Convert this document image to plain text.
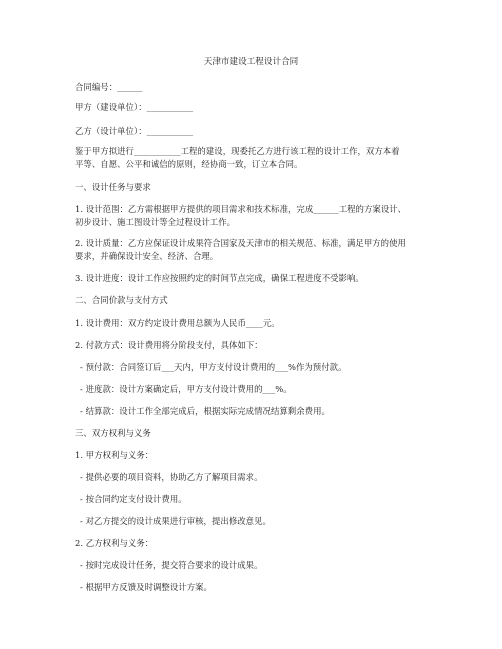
天津市建设工程设计合同
合同编号：______
甲方（建设单位）：___________
乙方（设计单位）：___________
鉴于甲方拟进行___________工程的建设，现委托乙方进行该工程的设计工作，双方本着
平等、自愿、公平和诚信的原则，经协商一致，订立本合同。
一、设计任务与要求
1. 设计范围：乙方需根据甲方提供的项目需求和技术标准，完成______工程的方案设计、
初步设计、施工图设计等全过程设计工作。
2. 设计质量：乙方应保证设计成果符合国家及天津市的相关规范、标准，满足甲方的使用
要求，并确保设计安全、经济、合理。
3. 设计进度：设计工作应按照约定的时间节点完成，确保工程进度不受影响。
二、合同价款与支付方式
1. 设计费用：双方约定设计费用总额为人民币____元。
2. 付款方式：设计费用将分阶段支付，具体如下：
- 预付款：合同签订后___天内，甲方支付设计费用的___%作为预付款。
- 进度款：设计方案确定后，甲方支付设计费用的___%。
- 结算款：设计工作全部完成后，根据实际完成情况结算剩余费用。
三、双方权利与义务
1. 甲方权利与义务：
- 提供必要的项目资料，协助乙方了解项目需求。
- 按合同约定支付设计费用。
- 对乙方提交的设计成果进行审核，提出修改意见。
2. 乙方权利与义务：
- 按时完成设计任务，提交符合要求的设计成果。
- 根据甲方反馈及时调整设计方案。
